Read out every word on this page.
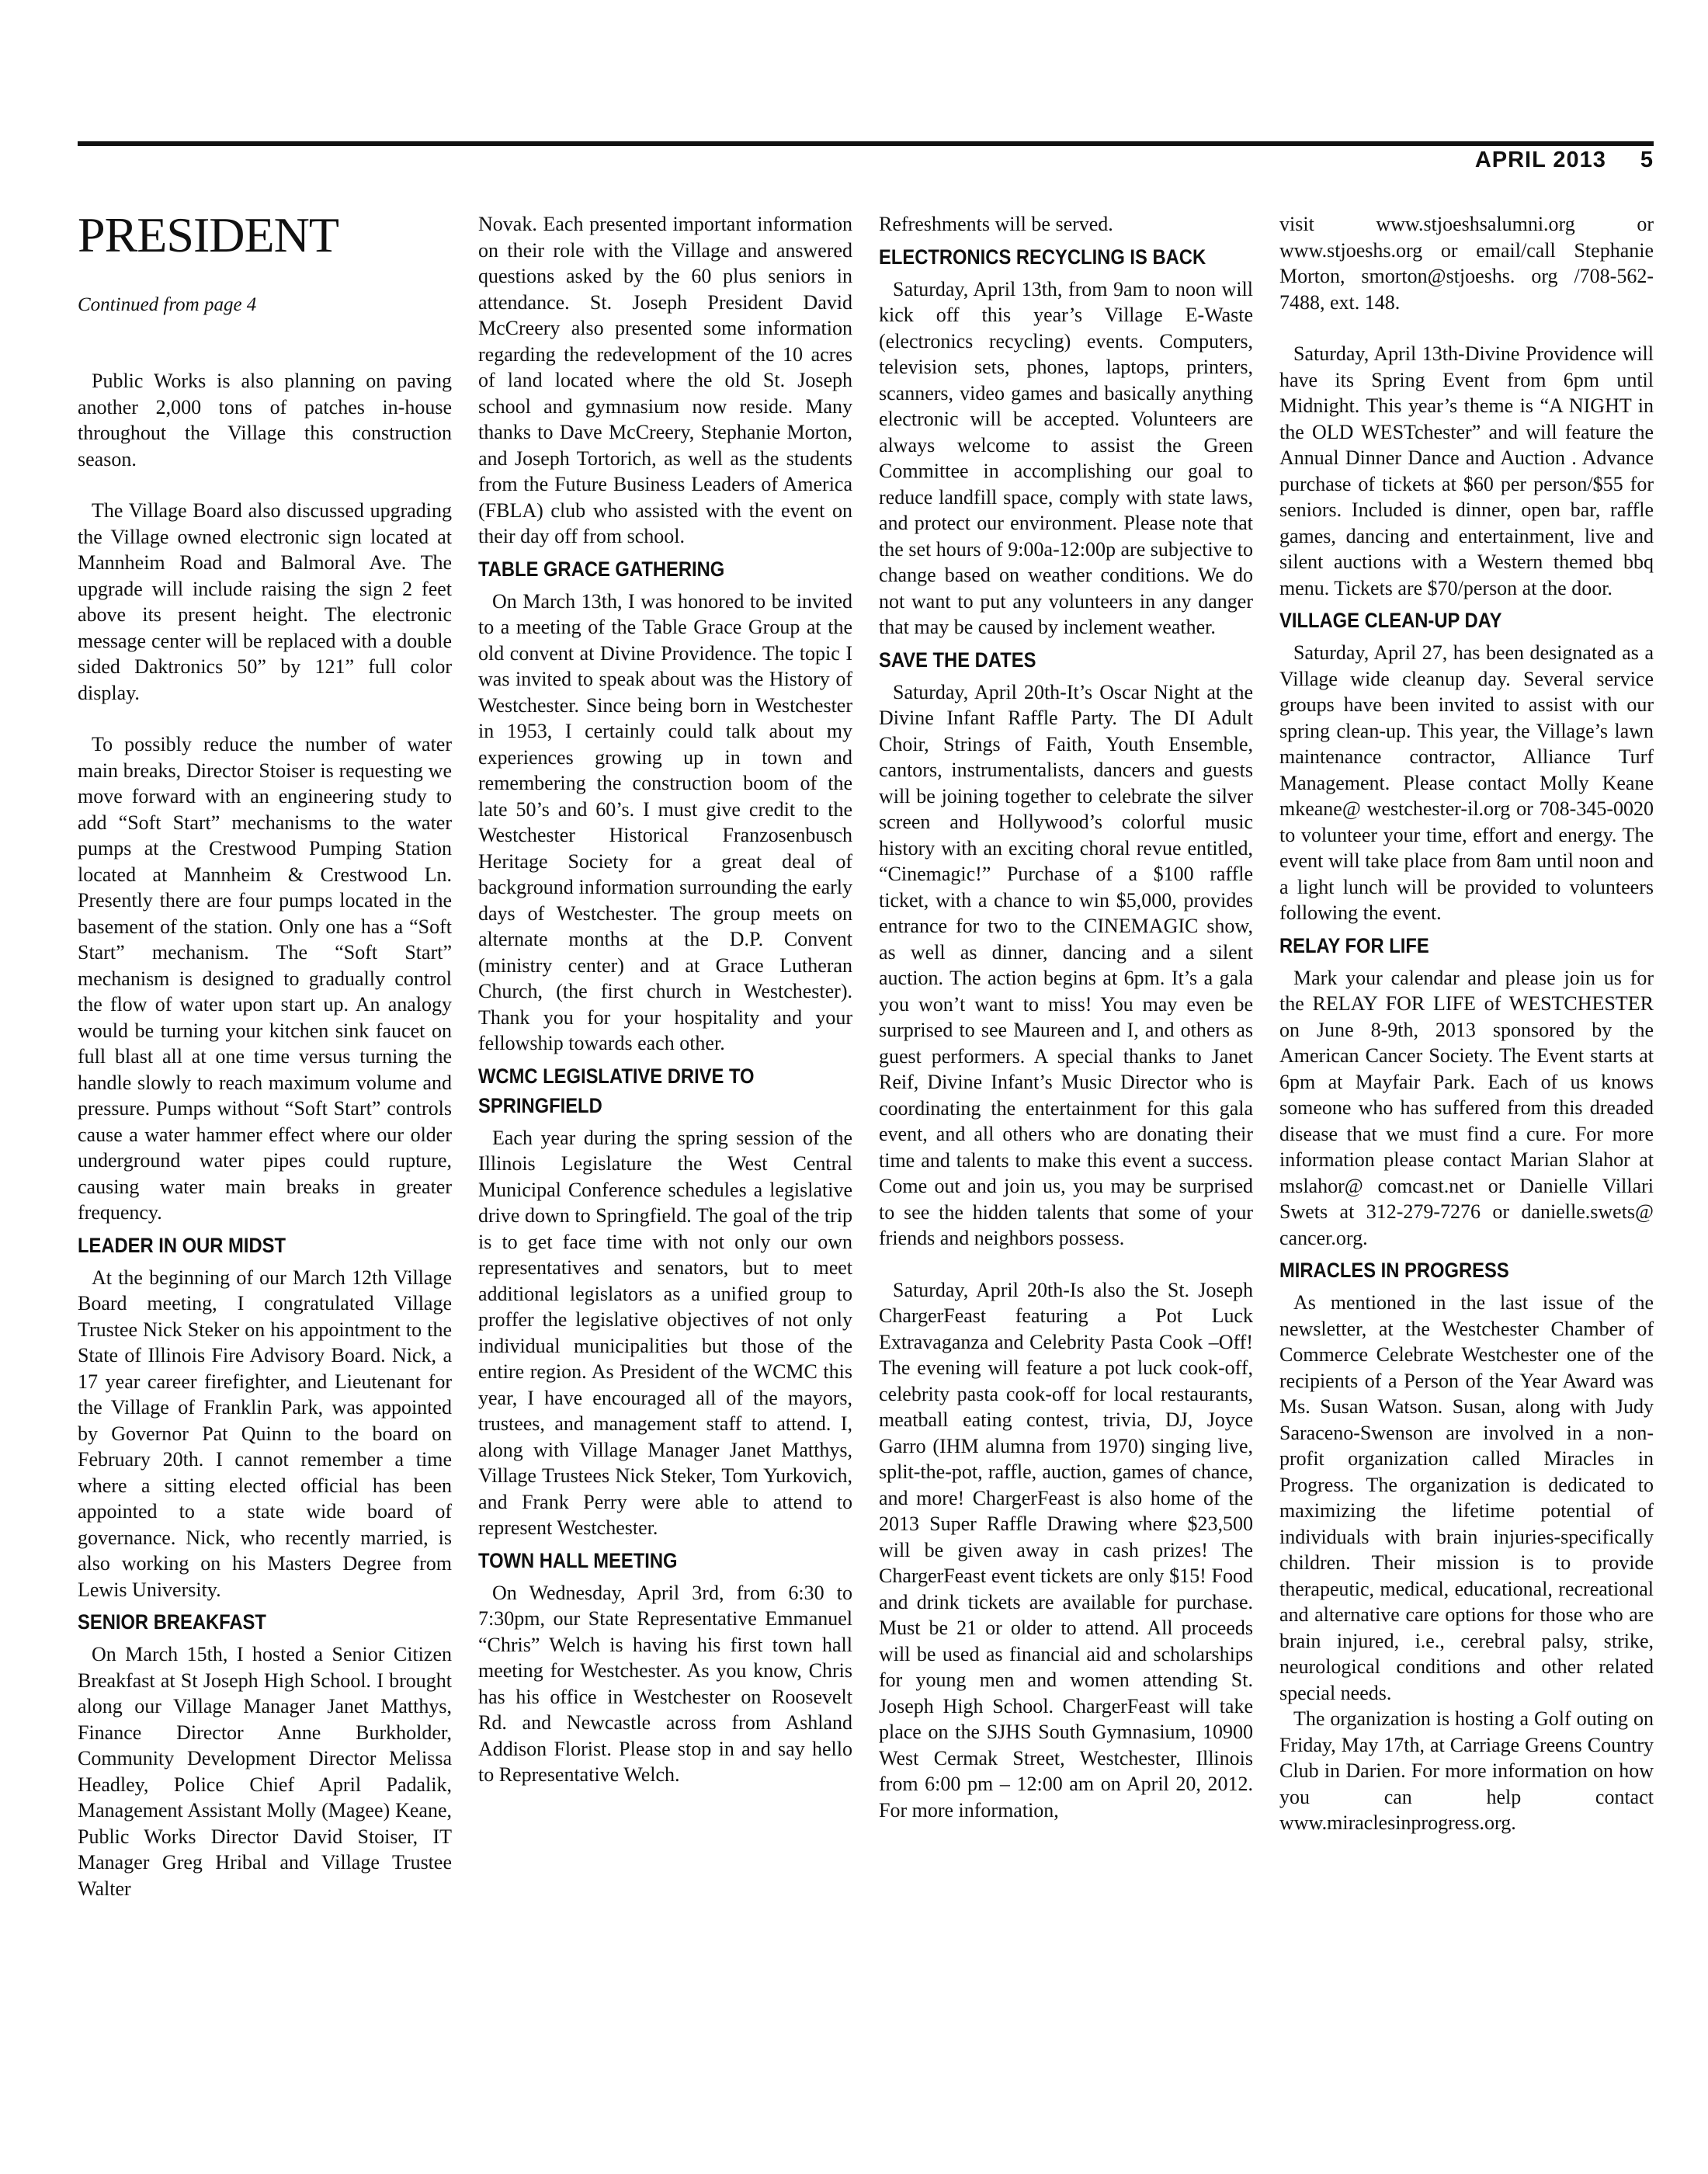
APRIL 2013 5
PRESIDENT
Continued from page 4

Public Works is also planning on paving another 2,000 tons of patches in-house throughout the Village this construction season.

The Village Board also discussed upgrading the Village owned electronic sign located at Mannheim Road and Balmoral Ave. The upgrade will include raising the sign 2 feet above its present height. The electronic message center will be replaced with a double sided Daktronics 50” by 121” full color display.

To possibly reduce the number of water main breaks, Director Stoiser is requesting we move forward with an engineering study to add “Soft Start” mechanisms to the water pumps at the Crestwood Pumping Station located at Mannheim & Crestwood Ln. Presently there are four pumps located in the basement of the station. Only one has a “Soft Start” mechanism. The “Soft Start” mechanism is designed to gradually control the flow of water upon start up. An analogy would be turning your kitchen sink faucet on full blast all at one time versus turning the handle slowly to reach maximum volume and pressure. Pumps without “Soft Start” controls cause a water hammer effect where our older underground water pipes could rupture, causing water main breaks in greater frequency.

LEADER IN OUR MIDST

At the beginning of our March 12th Village Board meeting, I congratulated Village Trustee Nick Steker on his appointment to the State of Illinois Fire Advisory Board. Nick, a 17 year career firefighter, and Lieutenant for the Village of Franklin Park, was appointed by Governor Pat Quinn to the board on February 20th. I cannot remember a time where a sitting elected official has been appointed to a state wide board of governance. Nick, who recently married, is also working on his Masters Degree from Lewis University.

SENIOR BREAKFAST

On March 15th, I hosted a Senior Citizen Breakfast at St Joseph High School. I brought along our Village Manager Janet Matthys, Finance Director Anne Burkholder, Community Development Director Melissa Headley, Police Chief April Padalik, Management Assistant Molly (Magee) Keane, Public Works Director David Stoiser, IT Manager Greg Hribal and Village Trustee Walter

Novak. Each presented important information on their role with the Village and answered questions asked by the 60 plus seniors in attendance. St. Joseph President David McCreery also presented some information regarding the redevelopment of the 10 acres of land located where the old St. Joseph school and gymnasium now reside. Many thanks to Dave McCreery, Stephanie Morton, and Joseph Tortorich, as well as the students from the Future Business Leaders of America (FBLA) club who assisted with the event on their day off from school.

TABLE GRACE GATHERING

On March 13th, I was honored to be invited to a meeting of the Table Grace Group at the old convent at Divine Providence. The topic I was invited to speak about was the History of Westchester. Since being born in Westchester in 1953, I certainly could talk about my experiences growing up in town and remembering the construction boom of the late 50’s and 60’s. I must give credit to the Westchester Historical Franzosenbusch Heritage Society for a great deal of background information surrounding the early days of Westchester. The group meets on alternate months at the D.P. Convent (ministry center) and at Grace Lutheran Church, (the first church in Westchester). Thank you for your hospitality and your fellowship towards each other.

WCMC LEGISLATIVE DRIVE TO SPRINGFIELD

Each year during the spring session of the Illinois Legislature the West Central Municipal Conference schedules a legislative drive down to Springfield. The goal of the trip is to get face time with not only our own representatives and senators, but to meet additional legislators as a unified group to proffer the legislative objectives of not only individual municipalities but those of the entire region. As President of the WCMC this year, I have encouraged all of the mayors, trustees, and management staff to attend. I, along with Village Manager Janet Matthys, Village Trustees Nick Steker, Tom Yurkovich, and Frank Perry were able to attend to represent Westchester.

TOWN HALL MEETING

On Wednesday, April 3rd, from 6:30 to 7:30pm, our State Representative Emmanuel “Chris” Welch is having his first town hall meeting for Westchester. As you know, Chris has his office in Westchester on Roosevelt Rd. and Newcastle across from Ashland Addison Florist. Please stop in and say hello to Representative Welch.

Refreshments will be served.

ELECTRONICS RECYCLING IS BACK

Saturday, April 13th, from 9am to noon will kick off this year’s Village E-Waste (electronics recycling) events. Computers, television sets, phones, laptops, printers, scanners, video games and basically anything electronic will be accepted. Volunteers are always welcome to assist the Green Committee in accomplishing our goal to reduce landfill space, comply with state laws, and protect our environment. Please note that the set hours of 9:00a-12:00p are subjective to change based on weather conditions. We do not want to put any volunteers in any danger that may be caused by inclement weather.

SAVE THE DATES

Saturday, April 20th-It’s Oscar Night at the Divine Infant Raffle Party. The DI Adult Choir, Strings of Faith, Youth Ensemble, cantors, instrumentalists, dancers and guests will be joining together to celebrate the silver screen and Hollywood’s colorful music history with an exciting choral revue entitled, “Cinemagic!” Purchase of a $100 raffle ticket, with a chance to win $5,000, provides entrance for two to the CINEMAGIC show, as well as dinner, dancing and a silent auction. The action begins at 6pm. It’s a gala you won’t want to miss! You may even be surprised to see Maureen and I, and others as guest performers. A special thanks to Janet Reif, Divine Infant’s Music Director who is coordinating the entertainment for this gala event, and all others who are donating their time and talents to make this event a success. Come out and join us, you may be surprised to see the hidden talents that some of your friends and neighbors possess.

Saturday, April 20th-Is also the St. Joseph ChargerFeast featuring a Pot Luck Extravaganza and Celebrity Pasta Cook –Off! The evening will feature a pot luck cook-off, celebrity pasta cook-off for local restaurants, meatball eating contest, trivia, DJ, Joyce Garro (IHM alumna from 1970) singing live, split-the-pot, raffle, auction, games of chance, and more! ChargerFeast is also home of the 2013 Super Raffle Drawing where $23,500 will be given away in cash prizes! The ChargerFeast event tickets are only $15! Food and drink tickets are available for purchase. Must be 21 or older to attend. All proceeds will be used as financial aid and scholarships for young men and women attending St. Joseph High School. ChargerFeast will take place on the SJHS South Gymnasium, 10900 West Cermak Street, Westchester, Illinois from 6:00 pm – 12:00 am on April 20, 2012. For more information,

visit www.stjoeshsalumni.org or www.stjoeshs.org or email/call Stephanie Morton, smorton@stjoeshs. org /708-562-7488, ext. 148.

Saturday, April 13th-Divine Providence will have its Spring Event from 6pm until Midnight. This year’s theme is “A NIGHT in the OLD WESTchester” and will feature the Annual Dinner Dance and Auction . Advance purchase of tickets at $60 per person/$55 for seniors. Included is dinner, open bar, raffle games, dancing and entertainment, live and silent auctions with a Western themed bbq menu. Tickets are $70/person at the door.

VILLAGE CLEAN-UP DAY

Saturday, April 27, has been designated as a Village wide cleanup day. Several service groups have been invited to assist with our spring clean-up. This year, the Village’s lawn maintenance contractor, Alliance Turf Management. Please contact Molly Keane mkeane@ westchester-il.org or 708-345-0020 to volunteer your time, effort and energy. The event will take place from 8am until noon and a light lunch will be provided to volunteers following the event.

RELAY FOR LIFE

Mark your calendar and please join us for the RELAY FOR LIFE of WESTCHESTER on June 8-9th, 2013 sponsored by the American Cancer Society. The Event starts at 6pm at Mayfair Park. Each of us knows someone who has suffered from this dreaded disease that we must find a cure. For more information please contact Marian Slahor at mslahor@ comcast.net or Danielle Villari Swets at 312-279-7276 or danielle.swets@ cancer.org.

MIRACLES IN PROGRESS

As mentioned in the last issue of the newsletter, at the Westchester Chamber of Commerce Celebrate Westchester one of the recipients of a Person of the Year Award was Ms. Susan Watson. Susan, along with Judy Saraceno-Swenson are involved in a non-profit organization called Miracles in Progress. The organization is dedicated to maximizing the lifetime potential of individuals with brain injuries-specifically children. Their mission is to provide therapeutic, medical, educational, recreational and alternative care options for those who are brain injured, i.e., cerebral palsy, strike, neurological conditions and other related special needs.

The organization is hosting a Golf outing on Friday, May 17th, at Carriage Greens Country Club in Darien. For more information on how you can help contact www.miraclesinprogress.org.
